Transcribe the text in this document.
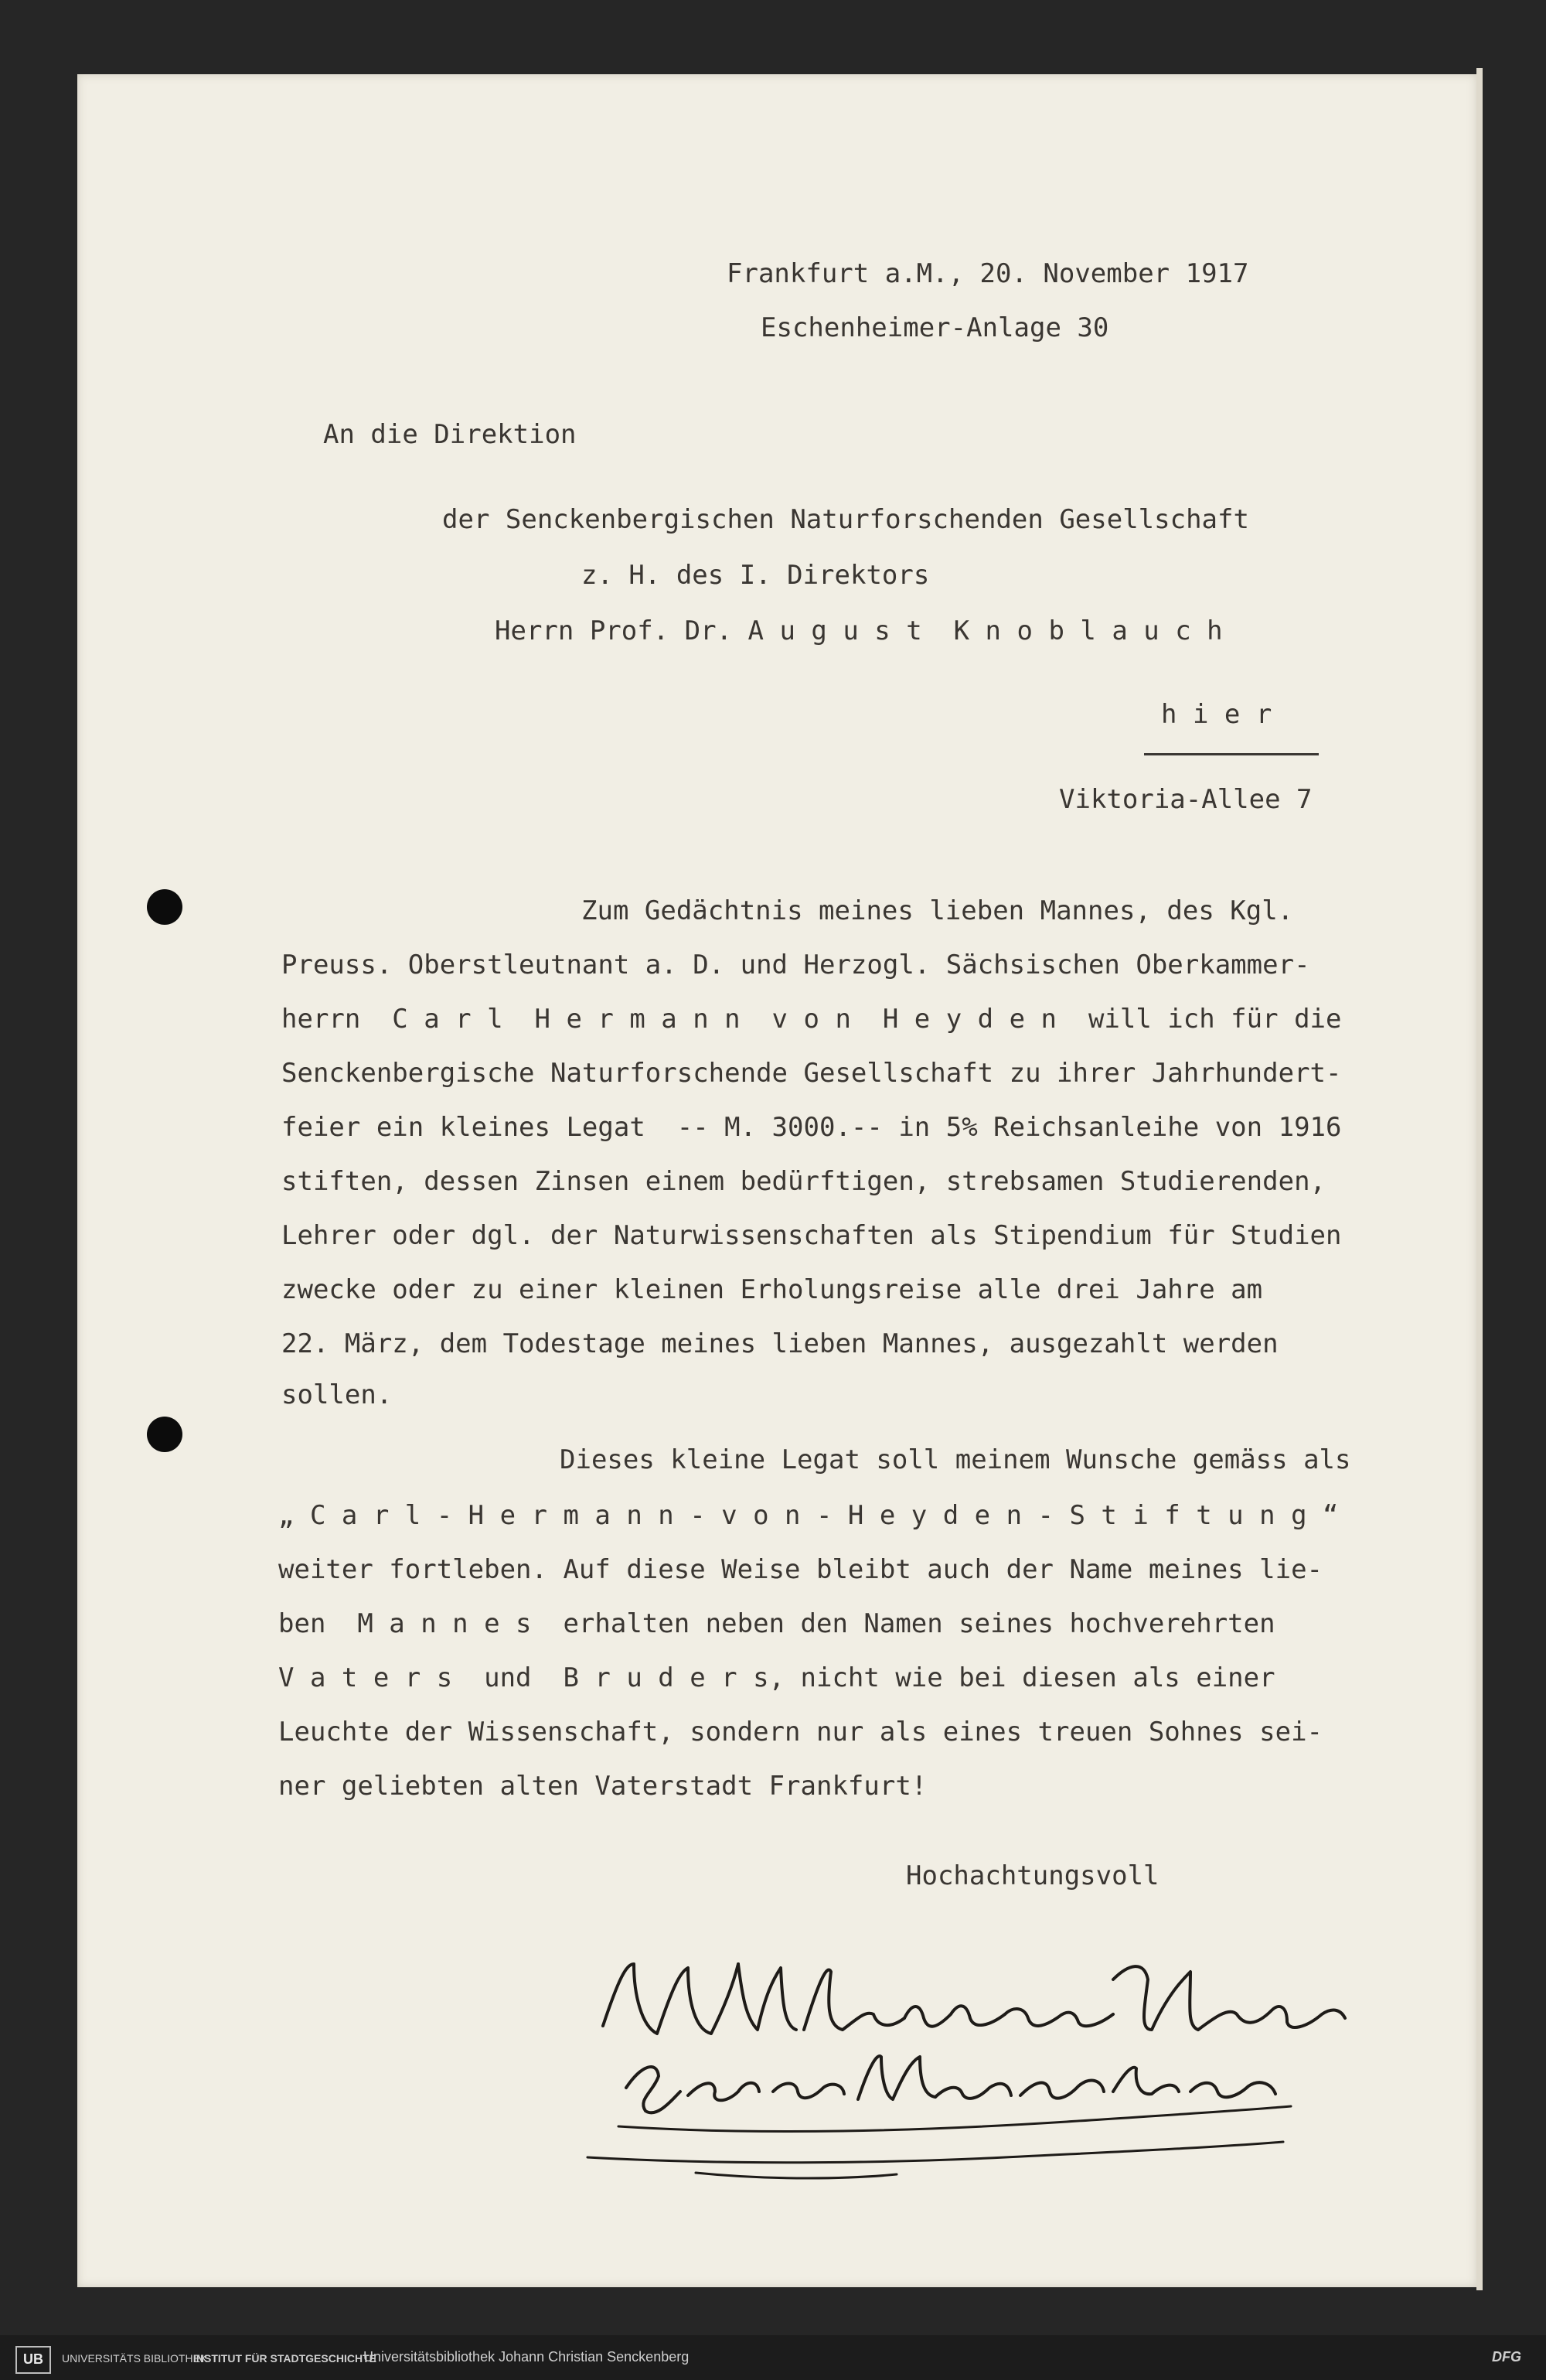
Frankfurt a.M., 20. November 1917
Eschenheimer-Anlage 30
An die Direktion
der Senckenbergischen Naturforschenden Gesellschaft
z. H. des I. Direktors
Herrn Prof. Dr. A u g u s t  K n o b l a u c h
h i e r
Viktoria-Allee 7
Zum Gedächtnis meines lieben Mannes, des Kgl.
Preuss. Oberstleutnant a. D. und Herzogl. Sächsischen Oberkammer-
herrn  C a r l  H e r m a n n  v o n  H e y d e n  will ich für die
Senckenbergische Naturforschende Gesellschaft zu ihrer Jahrhundert-
feier ein kleines Legat  -- M. 3000.-- in 5% Reichsanleihe von 1916
stiften, dessen Zinsen einem bedürftigen, strebsamen Studierenden,
Lehrer oder dgl. der Naturwissenschaften als Stipendium für Studien
zwecke oder zu einer kleinen Erholungsreise alle drei Jahre am
22. März, dem Todestage meines lieben Mannes, ausgezahlt werden
sollen.
Dieses kleine Legat soll meinem Wunsche gemäss als
„ C a r l - H e r m a n n - v o n - H e y d e n - S t i f t u n g “
weiter fortleben. Auf diese Weise bleibt auch der Name meines lie-
ben  M a n n e s  erhalten neben den Namen seines hochverehrten
V a t e r s  und  B r u d e r s, nicht wie bei diesen als einer
Leuchte der Wissenschaft, sondern nur als eines treuen Sohnes sei-
ner geliebten alten Vaterstadt Frankfurt!
Hochachtungsvoll
UB	UNIVERSITÄTS BIBLIOTHEK
INSTITUT FÜR STADTGESCHICHTE
Universitätsbibliothek Johann Christian Senckenberg	DFG
